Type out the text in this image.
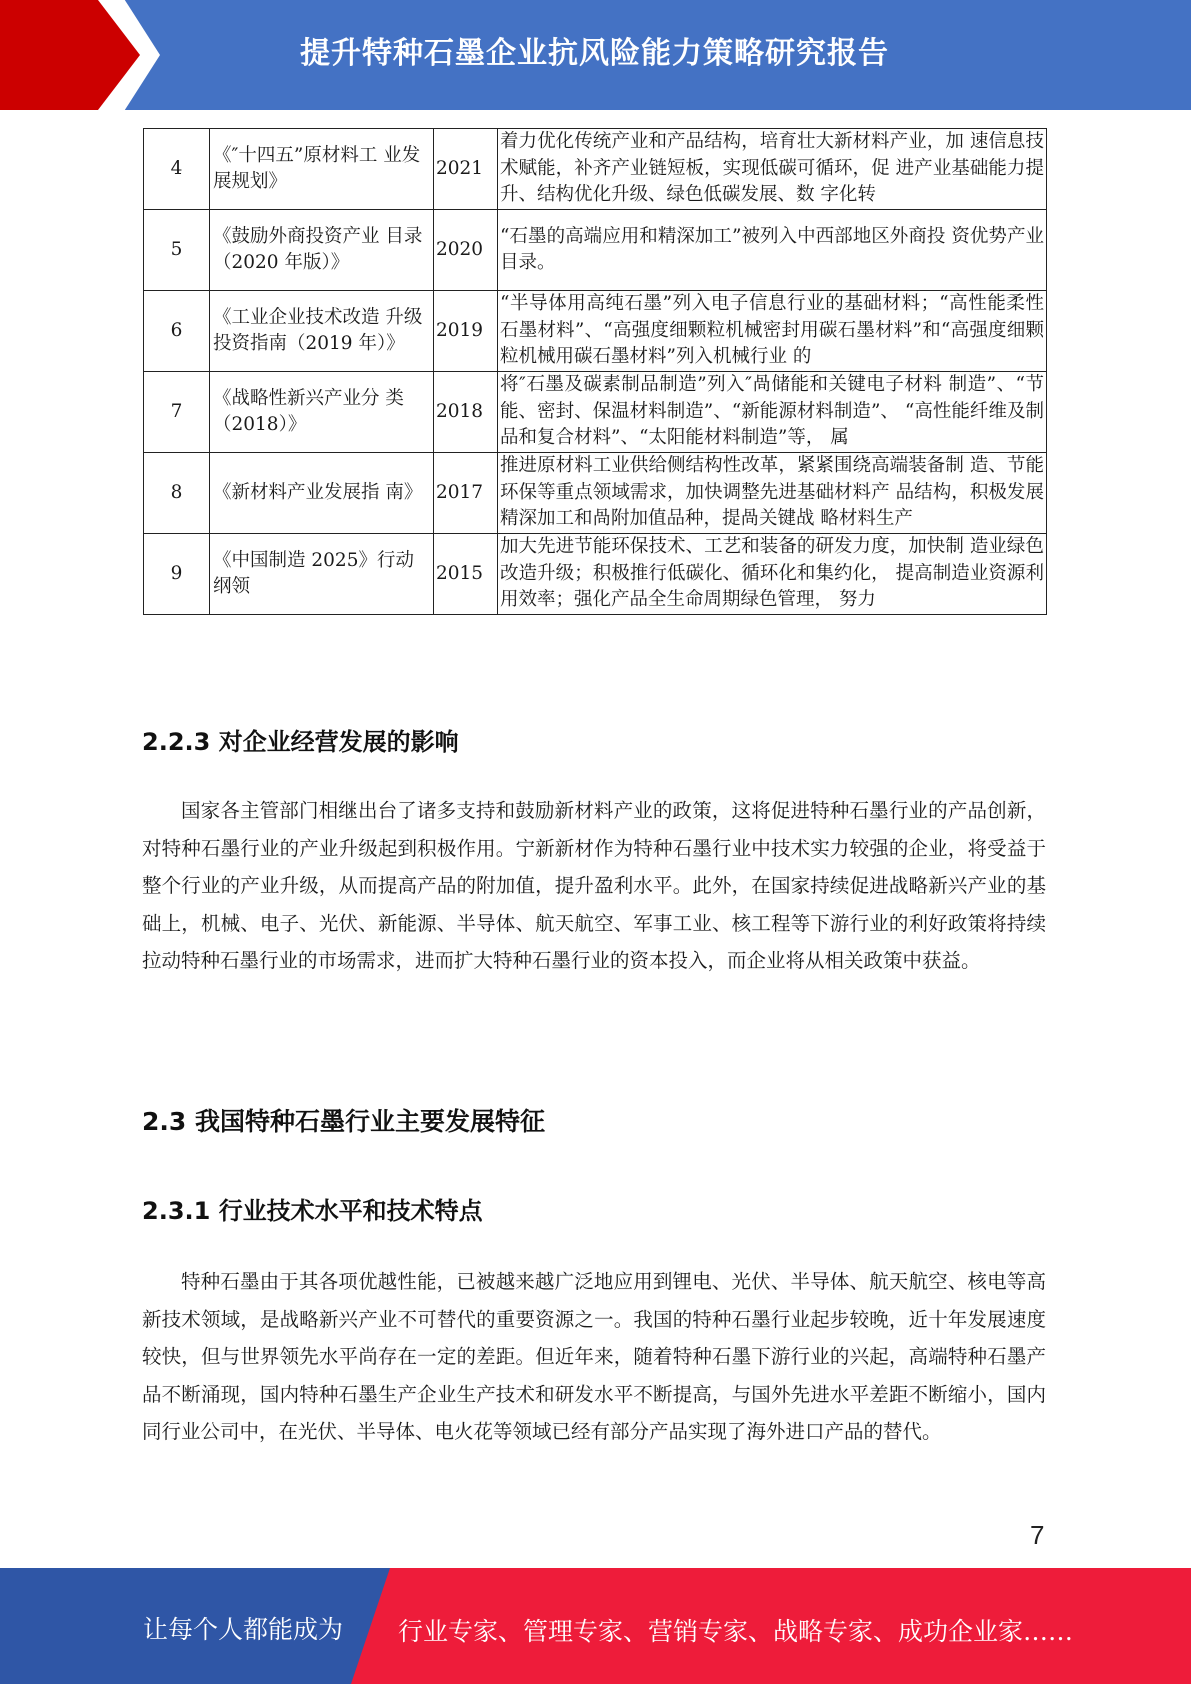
提升特种石墨企业抗风险能力策略研究报告
4	《″十四五”原材料工 业发展规划》	2021	着力优化传统产业和产品结构，培育壮大新材料产业，加 速信息技术赋能，补齐产业链短板，实现低碳可循环，促 进产业基础能力提升、结构优化升级、绿色低碳发展、数 字化转

5	《鼓励外商投资产业 目录（2020 年版）》	2020	“石墨的高端应用和精深加工”被列入中西部地区外商投 资优势产业目录。

6	《工业企业技术改造 升级投资指南（2019 年）》	2019	“半导体用高纯石墨”列入电子信息行业的基础材料；“高性能柔性石墨材料”、“高强度细颗粒机械密封用碳石墨材料”和“高强度细颗粒机械用碳石墨材料”列入机械行业 的

7	《战略性新兴产业分 类（2018）》	2018	将″石墨及碳素制品制造”列入″咼储能和关键电子材料 制造”、“节能、密封、保温材料制造”、“新能源材料制造”、 “高性能纤维及制品和复合材料”、“太阳能材料制造”等， 属

8	《新材料产业发展指 南》	2017	推进原材料工业供给侧结构性改革，紧紧围绕高端装备制 造、节能环保等重点领域需求，加快调整先进基础材料产 品结构，积极发展精深加工和咼附加值品种，提咼关键战 略材料生产

9	《中国制造 2025》行动 纲领	2015	加大先进节能环保技术、工艺和装备的研发力度，加快制 造业绿色改造升级；积极推行低碳化、循环化和集约化， 提高制造业资源利用效率；强化产品全生命周期绿色管理， 努力
2.2.3 对企业经营发展的影响
国家各主管部门相继出台了诸多支持和鼓励新材料产业的政策，这将促进特种石墨行业的产品创新，对特种石墨行业的产业升级起到积极作用。宁新新材作为特种石墨行业中技术实力较强的企业，将受益于整个行业的产业升级，从而提高产品的附加值，提升盈利水平。此外，在国家持续促进战略新兴产业的基础上，机械、电子、光伏、新能源、半导体、航天航空、军事工业、核工程等下游行业的利好政策将持续拉动特种石墨行业的市场需求，进而扩大特种石墨行业的资本投入，而企业将从相关政策中获益。
2.3 我国特种石墨行业主要发展特征
2.3.1 行业技术水平和技术特点
特种石墨由于其各项优越性能，已被越来越广泛地应用到锂电、光伏、半导体、航天航空、核电等高新技术领域，是战略新兴产业不可替代的重要资源之一。我国的特种石墨行业起步较晚，近十年发展速度较快，但与世界领先水平尚存在一定的差距。但近年来，随着特种石墨下游行业的兴起，高端特种石墨产品不断涌现，国内特种石墨生产企业生产技术和研发水平不断提高，与国外先进水平差距不断缩小，国内同行业公司中，在光伏、半导体、电火花等领域已经有部分产品实现了海外进口产品的替代。
7
让每个人都能成为 行业专家、管理专家、营销专家、战略专家、成功企业家……
